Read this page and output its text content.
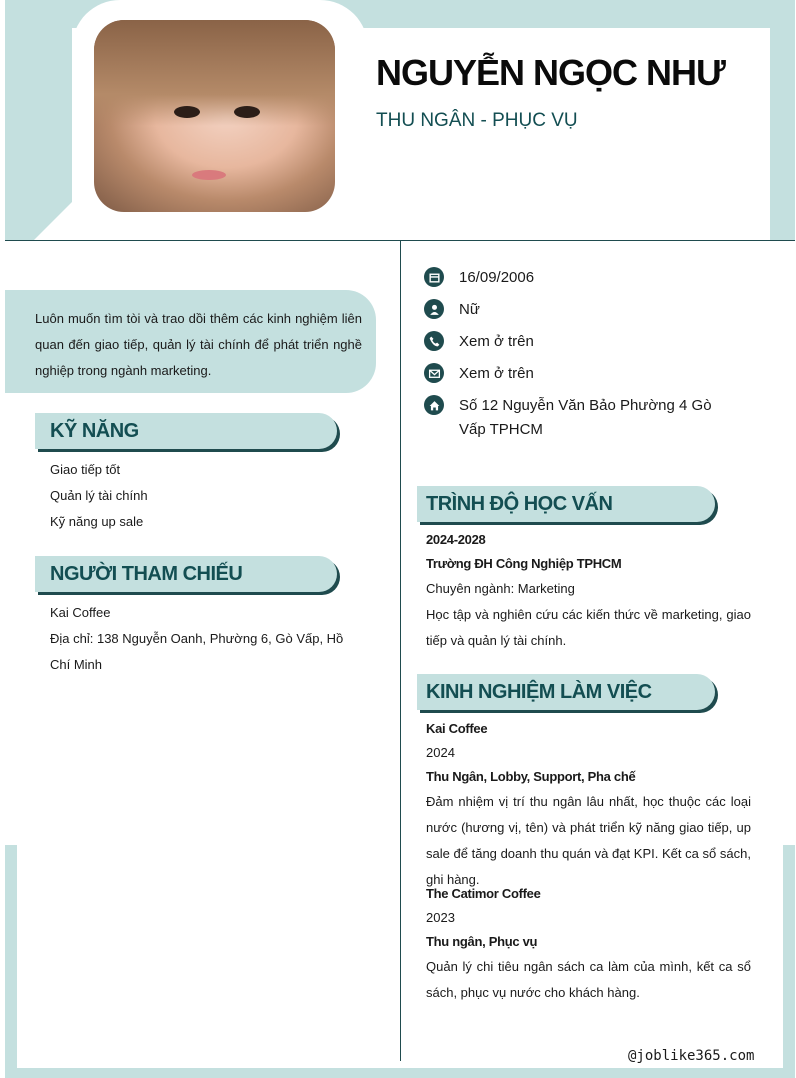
NGUYỄN NGỌC NHƯ
THU NGÂN - PHỤC VỤ
Luôn muốn tìm tòi và trao dồi thêm các kinh nghiệm liên quan đến giao tiếp, quản lý tài chính để phát triển nghề nghiệp trong ngành marketing.
KỸ NĂNG
Giao tiếp tốt
Quản lý tài chính
Kỹ năng up sale
NGƯỜI THAM CHIẾU
Kai Coffee
Địa chỉ: 138 Nguyễn Oanh, Phường 6, Gò Vấp, Hồ Chí Minh
16/09/2006
Nữ
Xem ở trên
Xem ở trên
Số 12 Nguyễn Văn Bảo Phường 4 Gò Vấp TPHCM
TRÌNH ĐỘ HỌC VẤN
2024-2028
Trường ĐH Công Nghiệp TPHCM
Chuyên ngành: Marketing
Học tập và nghiên cứu các kiến thức về marketing, giao tiếp và quản lý tài chính.
KINH NGHIỆM LÀM VIỆC
Kai Coffee
2024
Thu Ngân, Lobby, Support, Pha chế
Đảm nhiệm vị trí thu ngân lâu nhất, học thuộc các loại nước (hương vị, tên) và phát triển kỹ năng giao tiếp, up sale để tăng doanh thu quán và đạt KPI. Kết ca sổ sách, ghi hàng.
The Catimor Coffee
2023
Thu ngân, Phục vụ
Quản lý chi tiêu ngân sách ca làm của mình, kết ca sổ sách, phục vụ nước cho khách hàng.
@joblike365.com
